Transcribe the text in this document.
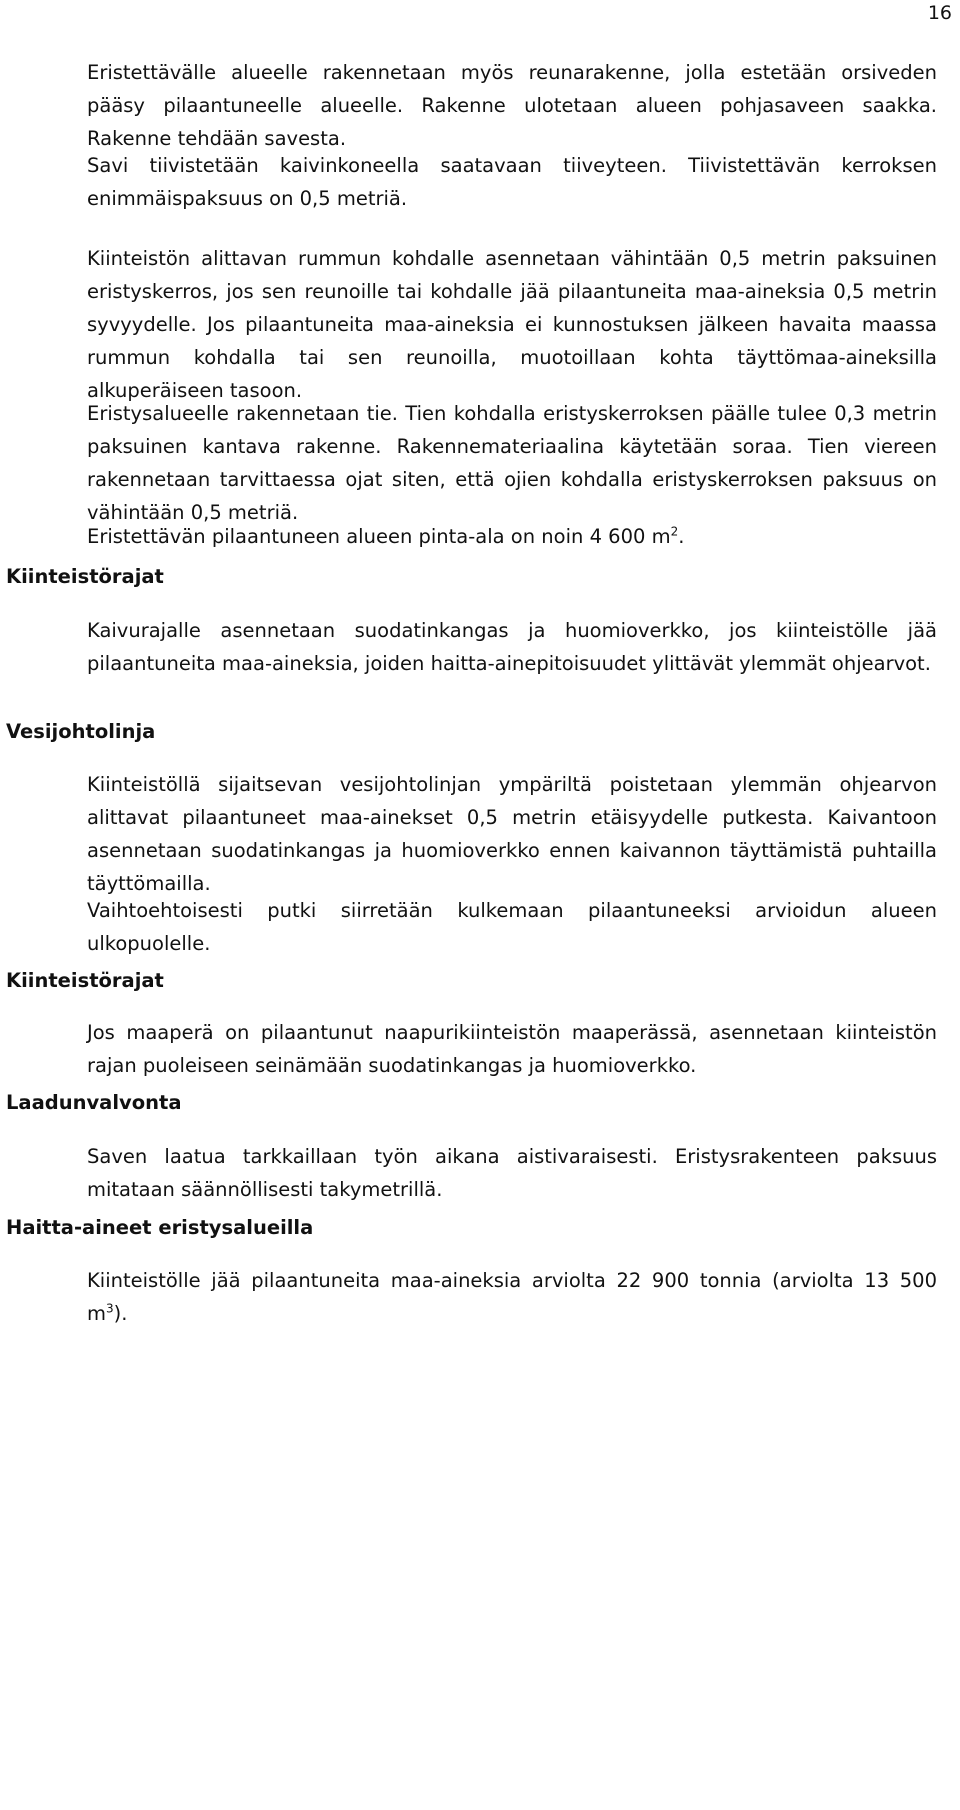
16

Eristettävälle alueelle rakennetaan myös reunarakenne, jolla estetään orsiveden pääsy pilaantuneelle alueelle. Rakenne ulotetaan alueen pohjasaveen saakka. Rakenne tehdään savesta.

Savi tiivistetään kaivinkoneella saatavaan tiiveyteen. Tiivistettävän kerroksen enimmäispaksuus on 0,5 metriä.

Kiinteistön alittavan rummun kohdalle asennetaan vähintään 0,5 metrin paksuinen eristyskerros, jos sen reunoille tai kohdalle jää pilaantuneita maa-aineksia 0,5 metrin syvyydelle. Jos pilaantuneita maa-aineksia ei kunnostuksen jälkeen havaita maassa rummun kohdalla tai sen reunoilla, muotoillaan kohta täyttömaa-aineksilla alkuperäiseen tasoon.

Eristysalueelle rakennetaan tie. Tien kohdalla eristyskerroksen päälle tulee 0,3 metrin paksuinen kantava rakenne. Rakennemateriaalina käytetään soraa. Tien viereen rakennetaan tarvittaessa ojat siten, että ojien kohdalla eristyskerroksen paksuus on vähintään 0,5 metriä.

Eristettävän pilaantuneen alueen pinta-ala on noin 4 600 $m^2$.

Kiinteistörajat

Kaivurajalle asennetaan suodatinkangas ja huomioverkko, jos kiinteistölle jää pilaantuneita maa-aineksia, joiden haitta-ainepitoisuudet ylittävät ylemmät ohjearvot.

Vesijohtolinja

Kiinteistöllä sijaitsevan vesijohtolinjan ympäriltä poistetaan ylemmän ohjearvon alittavat pilaantuneet maa-ainekset 0,5 metrin etäisyydelle putkesta. Kaivantoon asennetaan suodatinkangas ja huomioverkko ennen kaivannon täyttämistä puhtailla täyttömailla.

Vaihtoehtoisesti putki siirretään kulkemaan pilaantuneeksi arvioidun alueen ulkopuolelle.

Kiinteistörajat

Jos maaperä on pilaantunut naapurikiinteistön maaperässä, asennetaan kiinteistön rajan puoleiseen seinämään suodatinkangas ja huomioverkko.

Laadunvalvonta

Saven laatua tarkkaillaan työn aikana aistivaraisesti. Eristysrakenteen paksuus mitataan säännöllisesti takymetrillä.

Haitta-aineet eristysalueilla

Kiinteistölle jää pilaantuneita maa-aineksia arviolta 22 900 tonnia (arviolta 13 500 $m^3$).
